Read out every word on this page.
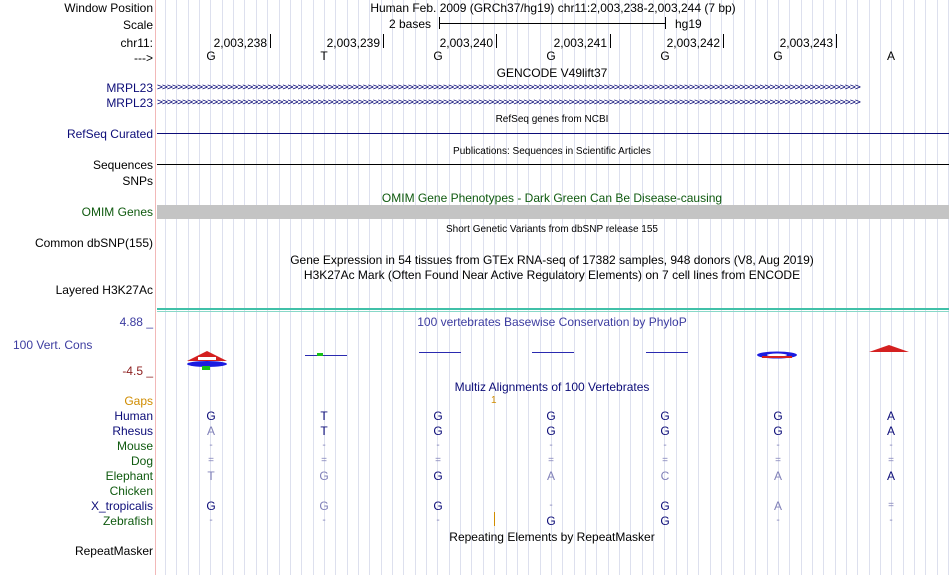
Window Position	Human Feb. 2009 (GRCh37/hg19) chr11:2,003,238-2,003,244 (7 bp)
Scale	2 bases	hg19
chr11:	2,003,238	2,003,239	2,003,240	2,003,241	2,003,242	2,003,243
--->	G	T	G	G	G	G	A
GENCODE V49lift37
MRPL23 >>>>>>>>>>>>>>>>>>>>>>>>>>>>>>>>>>>>>>>>>>>>>>>>>>>>>>>>>>>>>>>>>>>>>>>>>>>>>>>>>>>>>>>>>>>>>>>>>>>>>>>>>>>>>>>>>>>>>>>>>>>>>>>>>>>>>>>>>>>>
MRPL23 >>>>>>>>>>>>>>>>>>>>>>>>>>>>>>>>>>>>>>>>>>>>>>>>>>>>>>>>>>>>>>>>>>>>>>>>>>>>>>>>>>>>>>>>>>>>>>>>>>>>>>>>>>>>>>>>>>>>>>>>>>>>>>>>>>>>>>>>>>>>
RefSeq genes from NCBI
RefSeq Curated
Publications: Sequences in Scientific Articles
Sequences
SNPs
OMIM Gene Phenotypes - Dark Green Can Be Disease-causing
OMIM Genes
Short Genetic Variants from dbSNP release 155
Common dbSNP(155)
Gene Expression in 54 tissues from GTEx RNA-seq of 17382 samples, 948 donors (V8, Aug 2019)
H3K27Ac Mark (Often Found Near Active Regulatory Elements) on 7 cell lines from ENCODE
Layered H3K27Ac
4.88 _	100 vertebrates Basewise Conservation by PhyloP
100 Vert. Cons
-4.5 _
Multiz Alignments of 100 Vertebrates
Gaps	1
Human	G	T	G	G	G	G	A
Rhesus	A	T	G	G	G	G	A
Mouse	-	-	-	-	-	-	-
Dog	=	=	=	=	=	=	=
Elephant	T	G	G	A	C	A	A
Chicken
X_tropicalis	G	G	G	-	G	A	=
Zebrafish	-	-	-	G	G	-	-
Repeating Elements by RepeatMasker
RepeatMasker
